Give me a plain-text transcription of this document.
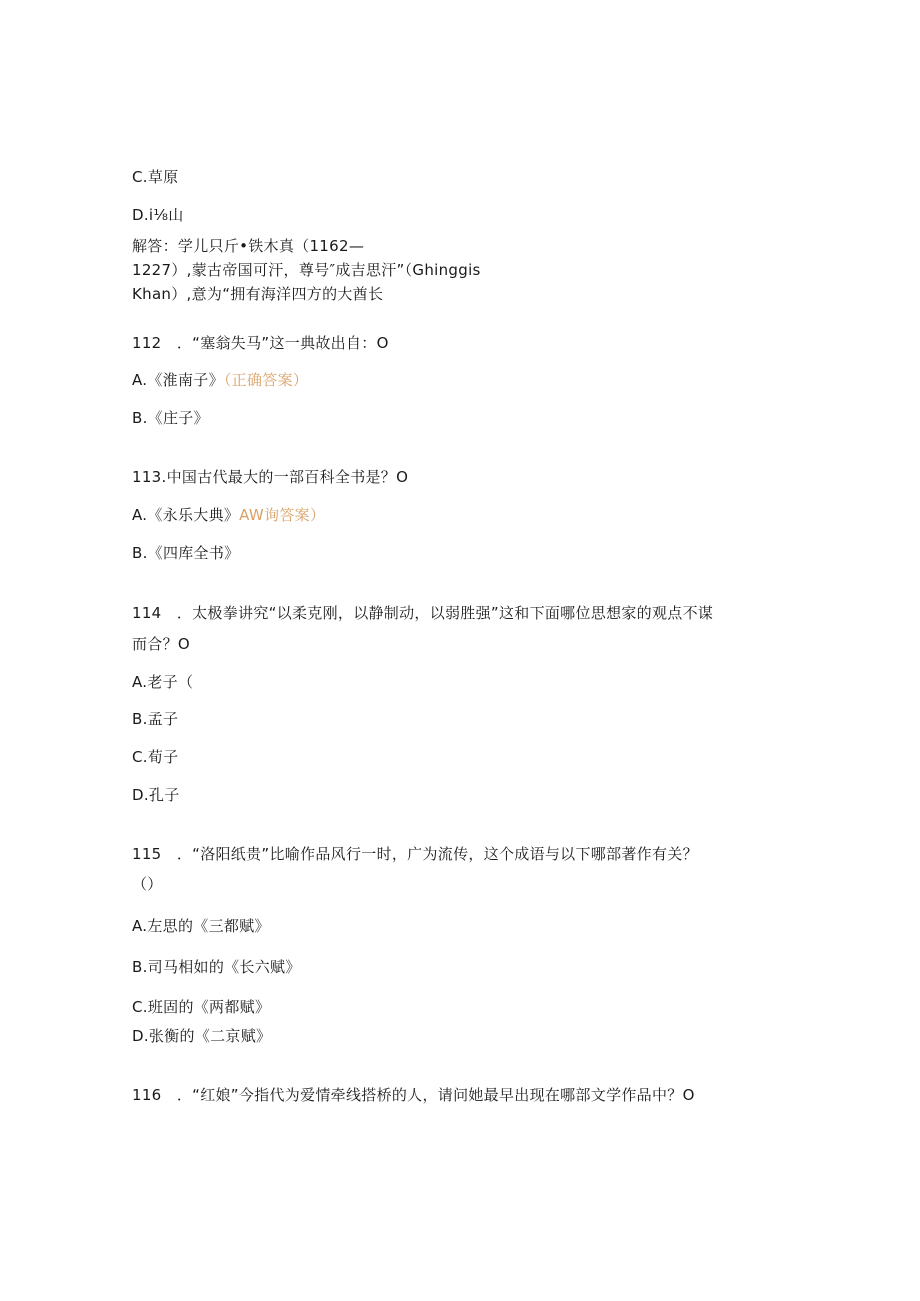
C.草原
D.i⅛山
解答：学儿只斤•铁木真（1162—
1227）,蒙古帝国可汗，尊号″成吉思汗”（Ghinggis
Khan）,意为“拥有海洋四方的大酋长
112　．“塞翁失马”这一典故出自：O
A.《淮南子》（正确答案）
B.《庄子》
113.中国古代最大的一部百科全书是？O
A.《永乐大典》AW询答案）
B.《四库全书》
114　．太极拳讲究“以柔克刚，以静制动，以弱胜强”这和下面哪位思想家的观点不谋
而合？O
A.老子（
B.孟子
C.荀子
D.孔子
115　．“洛阳纸贵”比喻作品风行一时，广为流传，这个成语与以下哪部著作有关？
（）
A.左思的《三都赋》
B.司马相如的《长六赋》
C.班固的《两都赋》
D.张衡的《二京赋》
116　．“红娘”今指代为爱情牵线搭桥的人，请问她最早出现在哪部文学作品中？O
